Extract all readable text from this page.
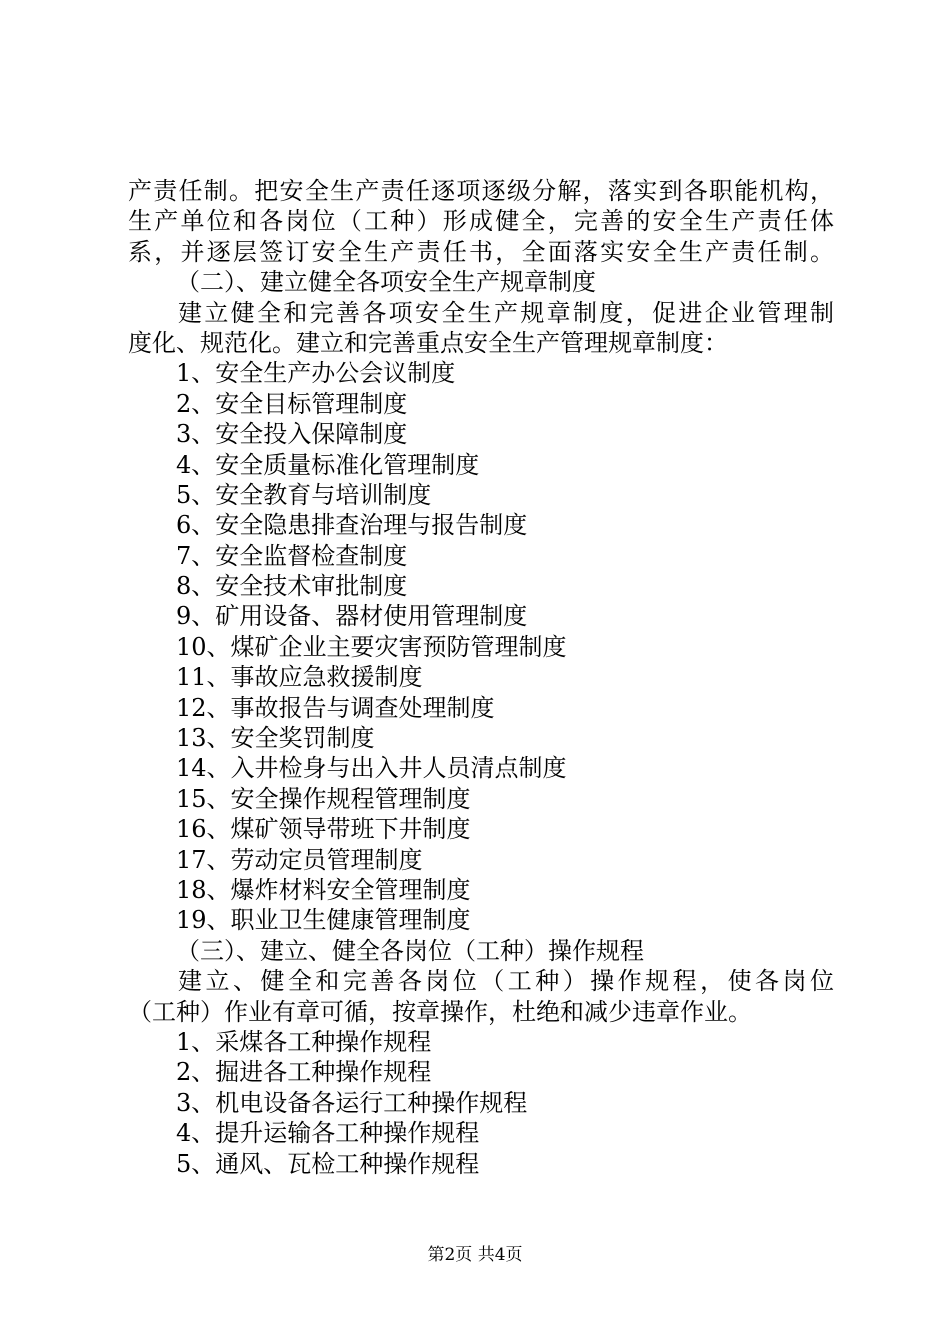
产责任制。把安全生产责任逐项逐级分解，落实到各职能机构，
生产单位和各岗位（工种）形成健全，完善的安全生产责任体
系，并逐层签订安全生产责任书，全面落实安全生产责任制。
（二）、建立健全各项安全生产规章制度
建立健全和完善各项安全生产规章制度，促进企业管理制
度化、规范化。建立和完善重点安全生产管理规章制度：
1、安全生产办公会议制度
2、安全目标管理制度
3、安全投入保障制度
4、安全质量标准化管理制度
5、安全教育与培训制度
6、安全隐患排查治理与报告制度
7、安全监督检查制度
8、安全技术审批制度
9、矿用设备、器材使用管理制度
10、煤矿企业主要灾害预防管理制度
11、事故应急救援制度
12、事故报告与调查处理制度
13、安全奖罚制度
14、入井检身与出入井人员清点制度
15、安全操作规程管理制度
16、煤矿领导带班下井制度
17、劳动定员管理制度
18、爆炸材料安全管理制度
19、职业卫生健康管理制度
（三）、建立、健全各岗位（工种）操作规程
建立、健全和完善各岗位（工种）操作规程，使各岗位
（工种）作业有章可循，按章操作，杜绝和减少违章作业。
1、采煤各工种操作规程
2、掘进各工种操作规程
3、机电设备各运行工种操作规程
4、提升运输各工种操作规程
5、通风、瓦检工种操作规程
第2页 共4页
